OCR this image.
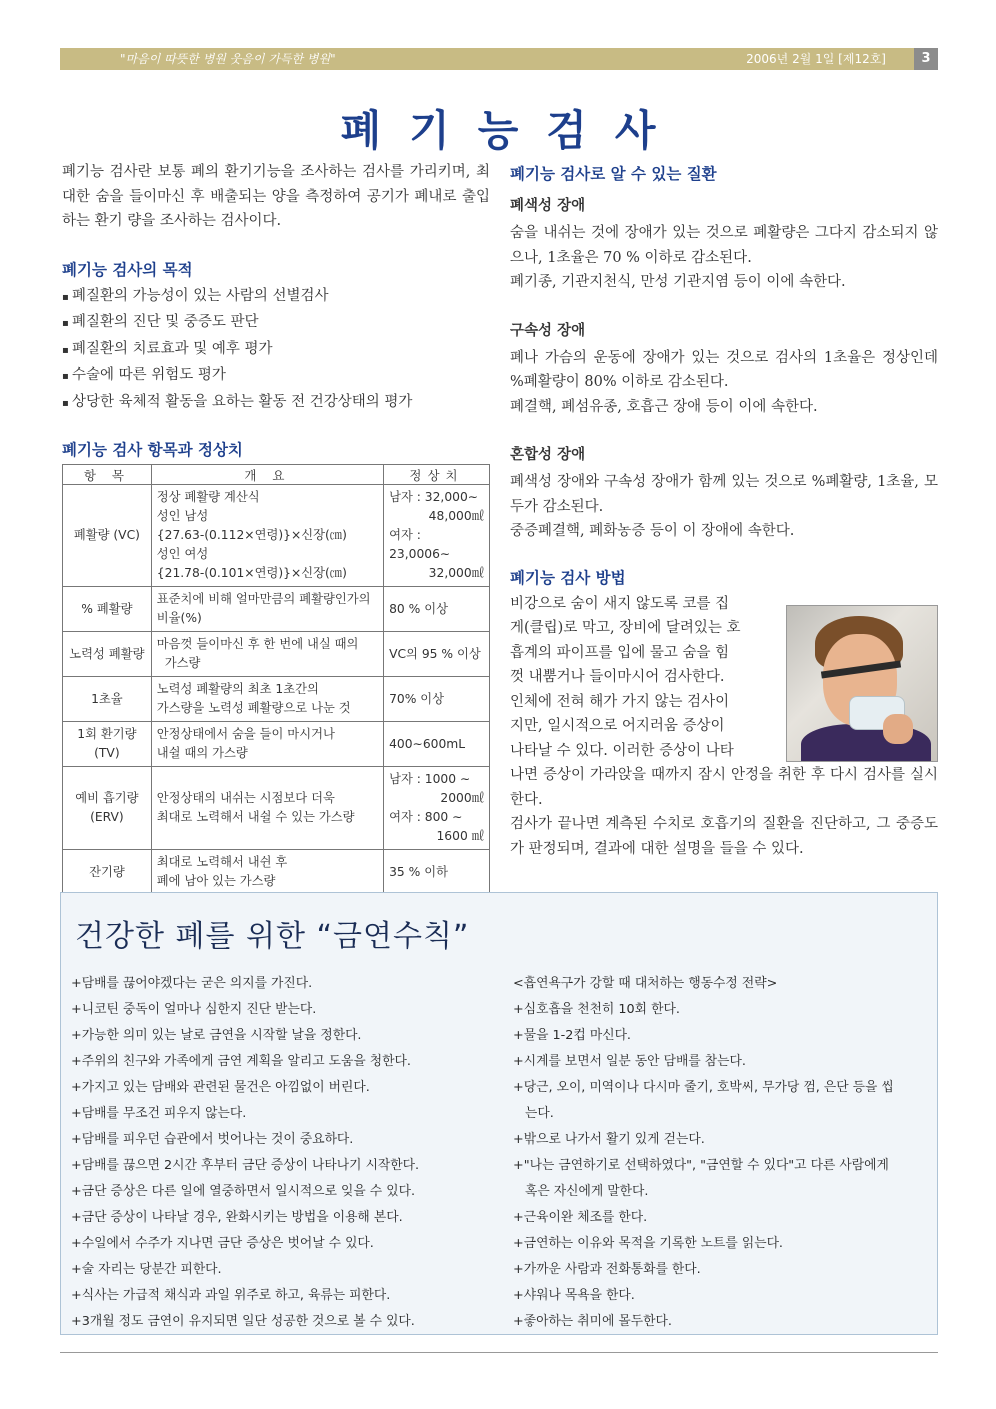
"마음이 따뜻한 병원 웃음이 가득한 병원"	2006년 2월 1일 [제12호]	3
폐기능검사

폐기능 검사란 보통 폐의 환기기능을 조사하는 검사를 가리키며, 최대한 숨을 들이마신 후 배출되는 양을 측정하여 공기가 폐내로 출입하는 환기 량을 조사하는 검사이다.

폐기능 검사의 목적
▪ 폐질환의 가능성이 있는 사람의 선별검사
▪ 폐질환의 진단 및 중증도 판단
▪ 폐질환의 치료효과 및 예후 평가
▪ 수술에 따른 위험도 평가
▪ 상당한 육체적 활동을 요하는 활동 전 건강상태의 평가
폐기능 검사 항목과 정상치
항 목	개 요	정상치
폐활량 (VC)	정상 폐활량 계산식
성인 남성
{27.63-(0.112×연령)}×신장(㎝)
성인 여성
{21.78-(0.101×연령)}×신장(㎝)	남자 : 32,000∼
48,000㎖
여자 : 23,0006∼
32,000㎖

% 폐활량	표준치에 비해 얼마만큼의 폐활량인가의
비율(%)	80 % 이상
노력성 폐활량	마음껏 들이마신 후 한 번에 내실 때의
가스량	VC의 95 % 이상
1초율	노력성 폐활량의 최초 1초간의
가스량을 노력성 폐활량으로 나눈 것	70% 이상

1회 환기량
(TV)	안정상태에서 숨을 들이 마시거나
내쉴 때의 가스량	400∼600mL

예비 흡기량
(ERV)	안정상태의 내쉬는 시점보다 더욱
최대로 노력해서 내쉴 수 있는 가스량	남자 : 1000 ∼
2000㎖
여자 : 800 ∼
1600 ㎖

잔기량	최대로 노력해서 내쉰 후
폐에 남아 있는 가스량	35 % 이하
폐기능 검사로 알 수 있는 질환
폐색성 장애

숨을 내쉬는 것에 장애가 있는 것으로 폐활량은 그다지 감소되지 않으나, 1초율은 70 % 이하로 감소된다.

폐기종, 기관지천식, 만성 기관지염 등이 이에 속한다.

구속성 장애

폐나 가슴의 운동에 장애가 있는 것으로 검사의 1초율은 정상인데 %폐활량이 80% 이하로 감소된다.

폐결핵, 폐섬유종, 호흡근 장애 등이 이에 속한다.

혼합성 장애

폐색성 장애와 구속성 장애가 함께 있는 것으로 %폐활량, 1초율, 모두가 감소된다.

중증폐결핵, 폐화농증 등이 이 장애에 속한다.

폐기능 검사 방법
비강으로 숨이 새지 않도록 코를 집
게(클립)로 막고, 장비에 달려있는 호
흡계의 파이프를 입에 물고 숨을 힘
껏 내뿜거나 들이마시어 검사한다.
인체에 전혀 해가 가지 않는 검사이
지만, 일시적으로 어지러움 증상이
나타날 수 있다. 이러한 증상이 나타

나면 증상이 가라앉을 때까지 잠시 안정을 취한 후 다시 검사를 실시한다.

검사가 끝나면 계측된 수치로 호흡기의 질환을 진단하고, 그 중증도가 판정되며, 결과에 대한 설명을 들을 수 있다.

건강한 폐를 위한 “금연수칙”
+담배를 끊어야겠다는 굳은 의지를 가진다.
+니코틴 중독이 얼마나 심한지 진단 받는다.
+가능한 의미 있는 날로 금연을 시작할 날을 정한다.
+주위의 친구와 가족에게 금연 계획을 알리고 도움을 청한다.
+가지고 있는 담배와 관련된 물건은 아낌없이 버린다.
+담배를 무조건 피우지 않는다.
+담배를 피우던 습관에서 벗어나는 것이 중요하다.
+담배를 끊으면 2시간 후부터 금단 증상이 나타나기 시작한다.
+금단 증상은 다른 일에 열중하면서 일시적으로 잊을 수 있다.
+금단 증상이 나타날 경우, 완화시키는 방법을 이용해 본다.
+수일에서 수주가 지나면 금단 증상은 벗어날 수 있다.
+술 자리는 당분간 피한다.
+식사는 가급적 채식과 과일 위주로 하고, 육류는 피한다.
+3개월 정도 금연이 유지되면 일단 성공한 것으로 볼 수 있다.
<흡연욕구가 강할 때 대처하는 행동수정 전략>
+심호흡을 천천히 10회 한다.
+물을 1-2컵 마신다.
+시계를 보면서 일분 동안 담배를 참는다.
+당근, 오이, 미역이나 다시마 줄기, 호박씨, 무가당 껌, 은단 등을 씹
는다.
+밖으로 나가서 활기 있게 걷는다.
+"나는 금연하기로 선택하였다", "금연할 수 있다"고 다른 사람에게
혹은 자신에게 말한다.
+근육이완 체조를 한다.
+금연하는 이유와 목적을 기록한 노트를 읽는다.
+가까운 사람과 전화통화를 한다.
+샤워나 목욕을 한다.
+좋아하는 취미에 몰두한다.
